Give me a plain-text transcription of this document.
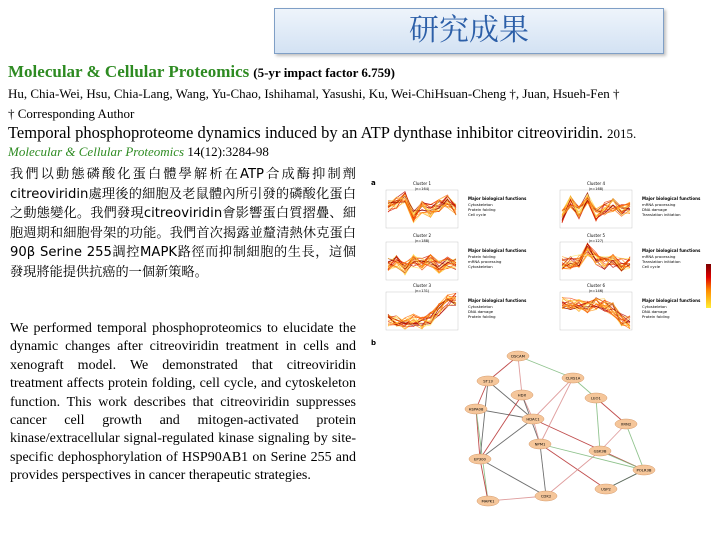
研究成果
Molecular & Cellular Proteomics (5-yr impact factor 6.759)
Hu, Chia-Wei, Hsu, Chia-Lang, Wang, Yu-Chao, Ishihamal, Yasushi, Ku, Wei-ChiHsuan-Cheng †, Juan, Hsueh-Fen †
† Corresponding Author
Temporal phosphoproteome dynamics induced by an ATP dynthase inhibitor citreoviridin. 2015.
Molecular & Cellular Proteomics 14(12):3284-98
我們以動態磷酸化蛋白體學解析在ATP合成酶抑制劑citreoviridin處理後的細胞及老鼠體內所引發的磷酸化蛋白之動態變化。我們發現citreoviridin會影響蛋白質摺疊、細胞週期和細胞骨架的功能。我們首次揭露並釐清熱休克蛋白90β Serine 255調控MAPK路徑而抑制細胞的生長，這個發現將能提供抗癌的一個新策略。
We performed temporal phosphoproteomics to elucidate the dynamic changes after citreoviridin treatment in cells and xenograft model. We demonstrated that citreoviridin treatment affects protein folding, cell cycle, and cytoskeleton function. This work describes that citreoviridin suppresses cancer cell growth and mitogen-activated protein kinase/extracellular signal-regulated kinase signaling by site-specific dephosphorylation of HSP90AB1 on Serine 255 and provides perspectives in cancer therapeutic strategies.
a
b
Cluster 1
(n=164)
Major biological functions
Cytoskeleton
Protein folding
Cell cycle
Cluster 2
(n=188)
Major biological functions
Protein folding
mRNA processing
Cytoskeleton
Cluster 3
(n=131)
Major biological functions
Cytoskeleton
DNA damage
Protein folding
Cluster 4
(n=168)
Major biological functions
mRNA processing
DNA damage
Translation initiation
Cluster 5
(n=127)
Major biological functions
mRNA processing
Translation initiation
Cell cycle
Cluster 6
(n=146)
Major biological functions
Cytoskeleton
DNA damage
Protein folding
DSCAM
ST13
CLRS1A
HSPA08
HDX
LEO1
HDAC1
XRN2
NPM1
GSK3B
EP300
POLR3B
CDK2
USP2
MAPK1
